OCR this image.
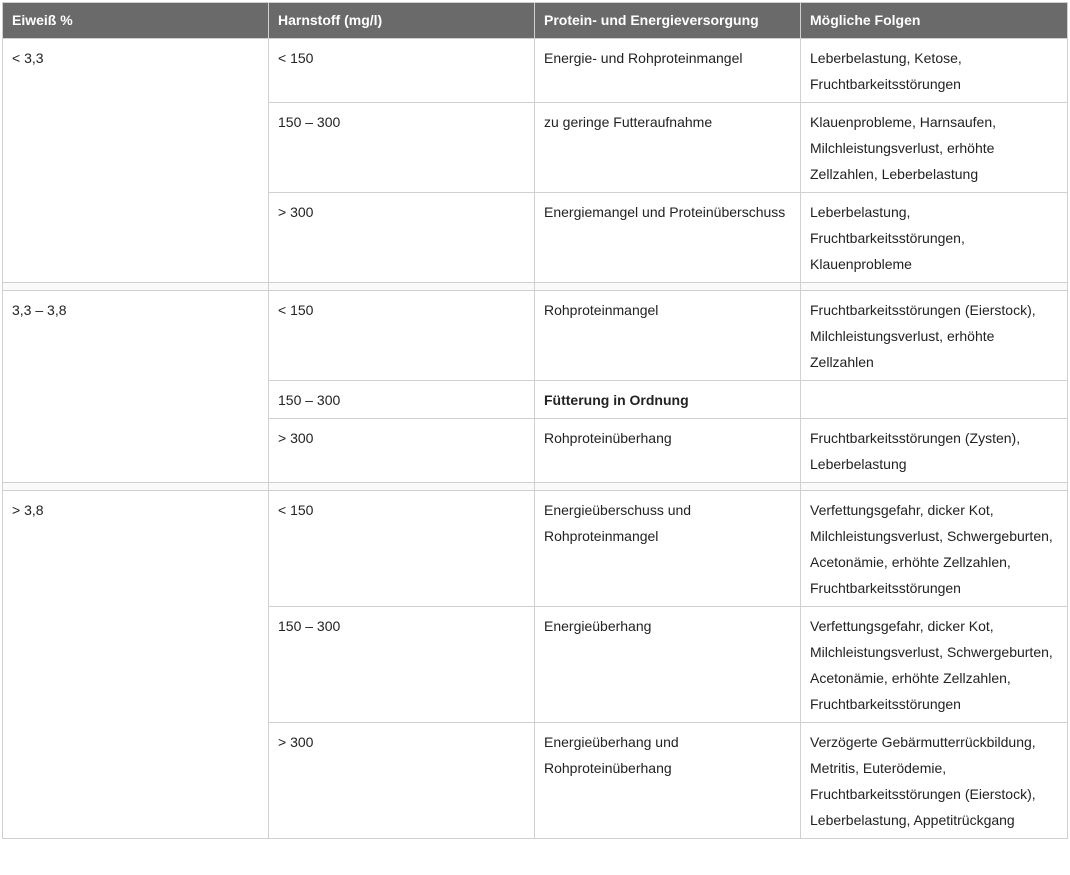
Eiweiß %	Harnstoff (mg/l)	Protein- und Energieversorgung	Mögliche Folgen
< 3,3	< 150	Energie- und Rohproteinmangel	Leberbelastung, Ketose, Fruchtbarkeitsstörungen
	150 – 300	zu geringe Futteraufnahme	Klauenprobleme, Harnsaufen, Milchleistungsverlust, erhöhte Zellzahlen, Leberbelastung
	> 300	Energiemangel und Proteinüberschuss	Leberbelastung, Fruchtbarkeitsstörungen, Klauenprobleme

3,3 – 3,8	< 150	Rohproteinmangel	Fruchtbarkeitsstörungen (Eierstock), Milchleistungsverlust, erhöhte Zellzahlen
	150 – 300	Fütterung in Ordnung	
	> 300	Rohproteinüberhang	Fruchtbarkeitsstörungen (Zysten), Leberbelastung

> 3,8	< 150	Energieüberschuss und Rohproteinmangel	Verfettungsgefahr, dicker Kot, Milchleistungsverlust, Schwergeburten, Acetonämie, erhöhte Zellzahlen, Fruchtbarkeitsstörungen
	150 – 300	Energieüberhang	Verfettungsgefahr, dicker Kot, Milchleistungsverlust, Schwergeburten, Acetonämie, erhöhte Zellzahlen, Fruchtbarkeitsstörungen
	> 300	Energieüberhang und Rohproteinüberhang	Verzögerte Gebärmutterrückbildung, Metritis, Euterödemie, Fruchtbarkeitsstörungen (Eierstock), Leberbelastung, Appetitrückgang
